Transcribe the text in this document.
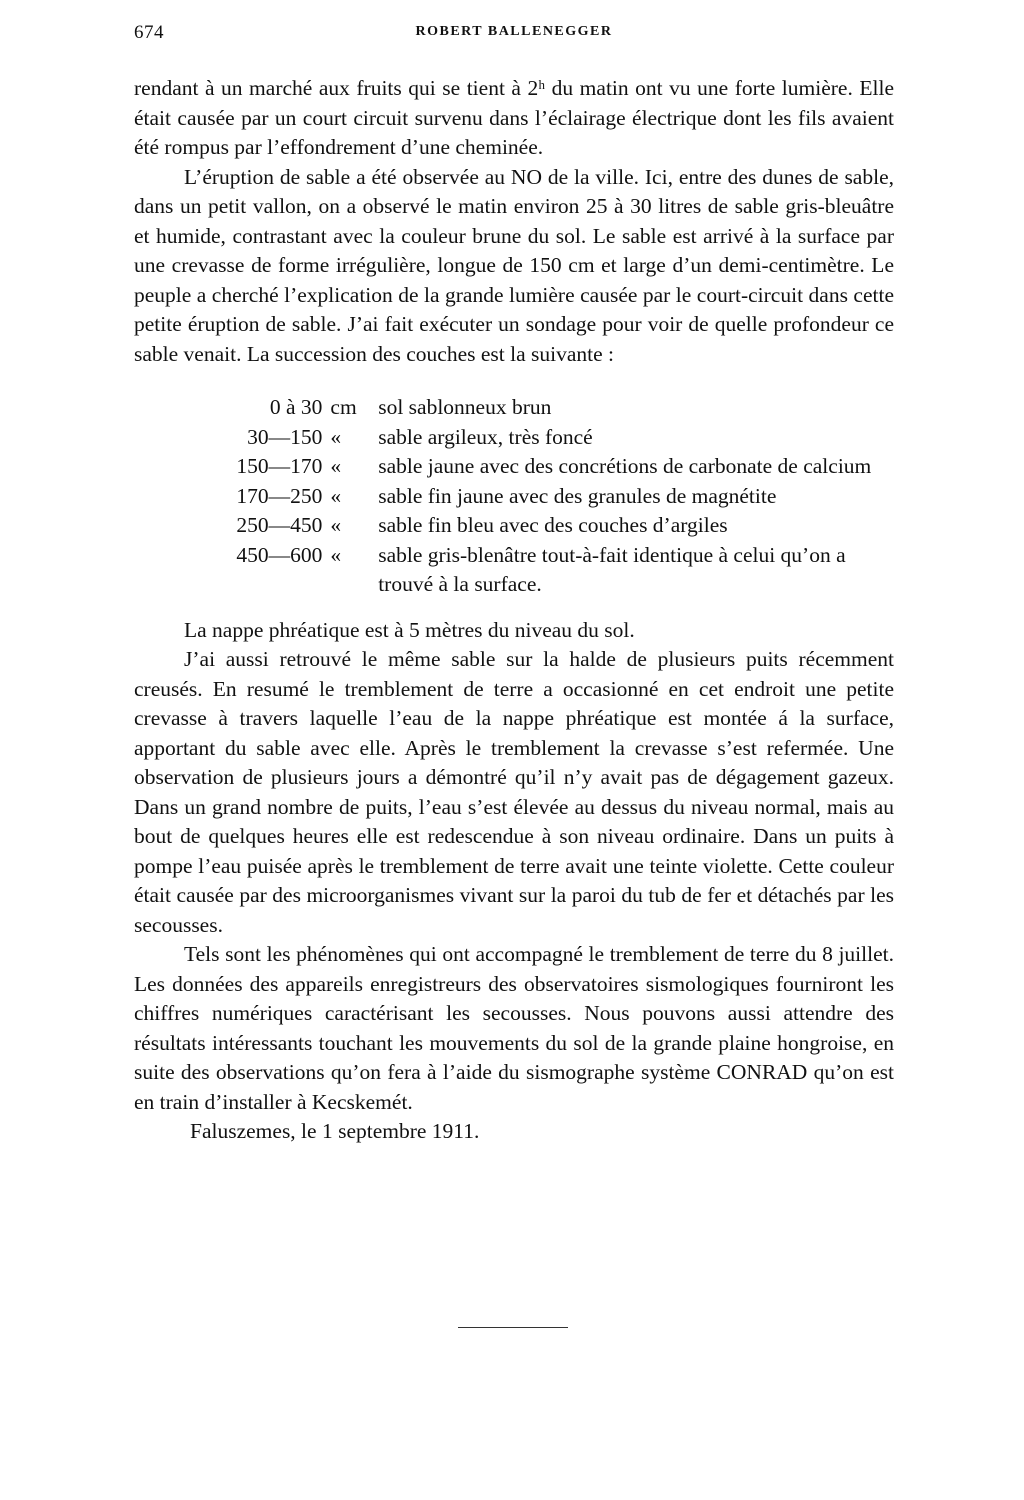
674	ROBERT BALLENEGGER

rendant à un marché aux fruits qui se tient à 2ʰ du matin ont vu une forte lumière. Elle était causée par un court circuit survenu dans l’éclairage électrique dont les fils avaient été rompus par l’effondrement d’une cheminée.

L’éruption de sable a été observée au NO de la ville. Ici, entre des dunes de sable, dans un petit vallon, on a observé le matin environ 25 à 30 litres de sable gris-bleuâtre et humide, contrastant avec la couleur brune du sol. Le sable est arrivé à la surface par une crevasse de forme irrégulière, longue de 150 cm et large d’un demi-centimètre. Le peuple a cherché l’explication de la grande lumière causée par le court-circuit dans cette petite éruption de sable. J’ai fait exécuter un sondage pour voir de quelle profondeur ce sable venait. La succession des couches est la suivante :

0 à 30	cm	sol sablonneux brun
30—150	«	sable argileux, très foncé
150—170	«	sable jaune avec des concrétions de carbonate de calcium
170—250	«	sable fin jaune avec des granules de magnétite
250—450	«	sable fin bleu avec des couches d’argiles
450—600	«	sable gris-blenâtre tout-à-fait identique à celui qu’on a trouvé à la surface.

La nappe phréatique est à 5 mètres du niveau du sol.

J’ai aussi retrouvé le même sable sur la halde de plusieurs puits récemment creusés. En resumé le tremblement de terre a occasionné en cet endroit une petite crevasse à travers laquelle l’eau de la nappe phréatique est montée á la surface, apportant du sable avec elle. Après le tremblement la crevasse s’est refermée. Une observation de plusieurs jours a démontré qu’il n’y avait pas de dégagement gazeux. Dans un grand nombre de puits, l’eau s’est élevée au dessus du niveau normal, mais au bout de quelques heures elle est redescendue à son niveau ordinaire. Dans un puits à pompe l’eau puisée après le tremblement de terre avait une teinte violette. Cette couleur était causée par des microorganismes vivant sur la paroi du tub de fer et détachés par les secousses.

Tels sont les phénomènes qui ont accompagné le tremblement de terre du 8 juillet. Les données des appareils enregistreurs des observatoires sismologiques fourniront les chiffres numériques caractérisant les secousses. Nous pouvons aussi attendre des résultats intéressants touchant les mouvements du sol de la grande plaine hongroise, en suite des observations qu’on fera à l’aide du sismographe système CONRAD qu’on est en train d’installer à Kecskemét.

Faluszemes, le 1 septembre 1911.
